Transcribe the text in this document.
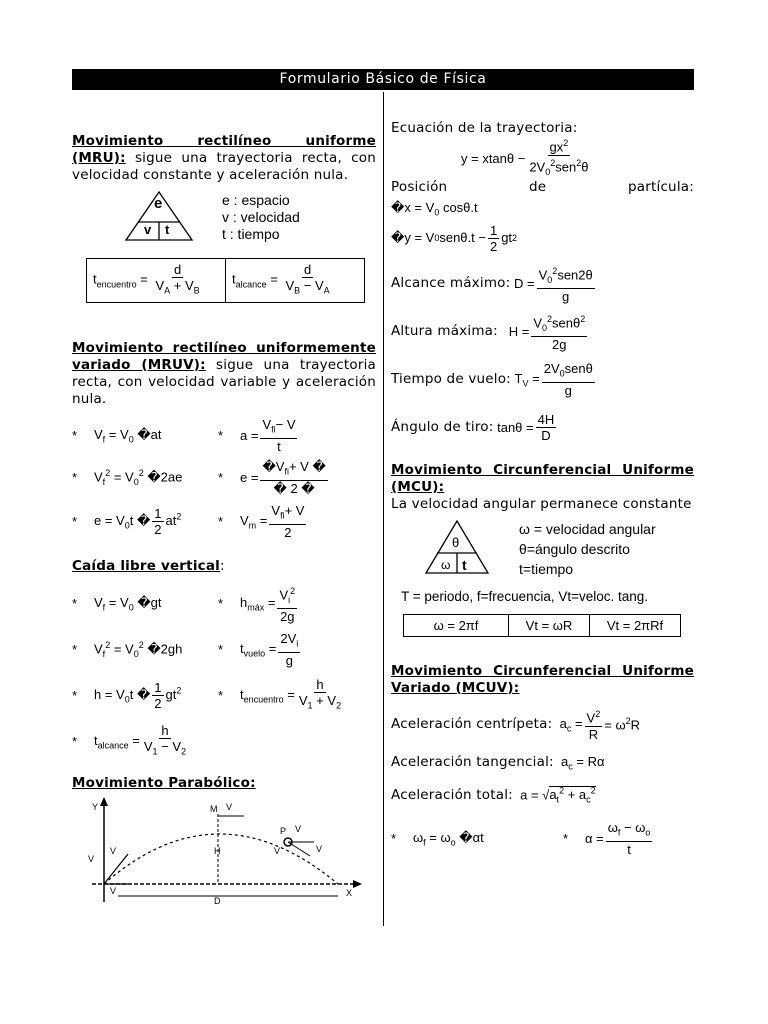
Formulario Básico de Física
Movimiento rectilíneo uniforme (MRU): sigue una trayectoria recta, con velocidad constante y aceleración nula.
e
v t
e : espacio
v : velocidad
t : tiempo
$t_{encuentro} = \frac{d}{V_A + V_B}$	$t_{alcance} = \frac{d}{V_B - V_A}$
Movimiento rectilíneo uniformemente variado (MRUV): sigue una trayectoria recta, con velocidad variable y aceleración nula.
*	$V_f = V_0$ �at	*	$a = \frac{V_{fi}- V}{t}$
*	$V_f^2 = V_0^2$ �2ae	*	$e = \frac{�V_{fi}+ V �}{� 2 �}$
*	$e = V_0t$ � $\frac{1}{2} at^2$	*	$V_m = \frac{V_{fi}+ V}{2}$
Caída libre vertical:
*	$V_f = V_0$ �gt	*	$h_{máx} = \frac{V_i^2}{2g}$
*	$V_f^2 = V_0^2$ �2gh	*	$t_{vuelo} = \frac{2V_i}{g}$
*	$h = V_0t$ � $\frac{1}{2} gt^2$	*	$t_{encuentro} = \frac{h}{V_1 + V_2}$
*	$t_{alcance} = \frac{h}{V_1 - V_2}$
Movimiento Parabólico:
Y	M V
P V
V
V
V	H
X
D
V
V
Ecuación de la trayectoria:
$y = xtan\theta - \frac{gx^2}{2V_0^2sen^2\theta}$
Posición de partícula:
�x = $V_0$ cosθ.t
�y = V 0 $sen\theta.t - \frac{1}{2}$ gt 2
Alcance máximo: $D = \frac{V_0^2sen2\theta}{g}$
Altura máxima: $H = \frac{V_0^2sen\theta^2}{2g}$
Tiempo de vuelo: $T_V = \frac{2V_0sen\theta}{g}$
Ángulo de tiro: $\tan\theta = \frac{4H}{D}$
Movimiento Circunferencial Uniforme (MCU):
La velocidad angular permanece constante
θ
ω t
ω = velocidad angular
θ=ángulo descrito
t=tiempo
T = periodo, f=frecuencia, Vt=veloc. tang.
ω = 2πf	Vt = ωR	Vt = 2πRf
Movimiento Circunferencial Uniforme Variado (MCUV):
Aceleración centrípeta: $a_c = \frac{V^2}{R} = \omega^2R$
Aceleración tangencial: $a_c = R\alpha$
Aceleración total: $a = √a_t^2 + a_c^2$
*	$\omega_f = \omega_o$ �αt	*	$\alpha = \frac{\omega_f - \omega_o}{t}$
